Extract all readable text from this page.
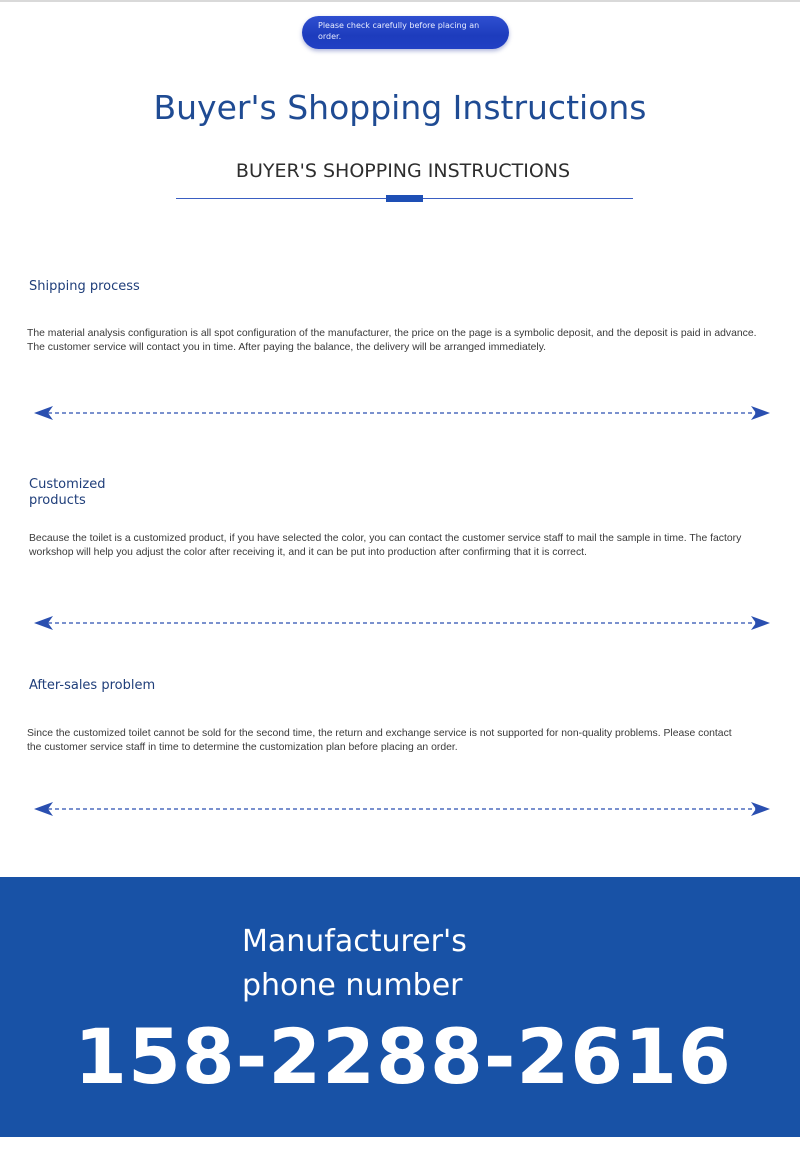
Please check carefully before placing an order.
Buyer's Shopping Instructions
BUYER'S SHOPPING INSTRUCTIONS
Shipping process
The material analysis configuration is all spot configuration of the manufacturer, the price on the page is a symbolic deposit, and the deposit is paid in advance. The customer service will contact you in time. After paying the balance, the delivery will be arranged immediately.
Customized products
Because the toilet is a customized product, if you have selected the color, you can contact the customer service staff to mail the sample in time. The factory workshop will help you adjust the color after receiving it, and it can be put into production after confirming that it is correct.
After-sales problem
Since the customized toilet cannot be sold for the second time, the return and exchange service is not supported for non-quality problems. Please contact the customer service staff in time to determine the customization plan before placing an order.
Manufacturer's phone number
158-2288-2616
